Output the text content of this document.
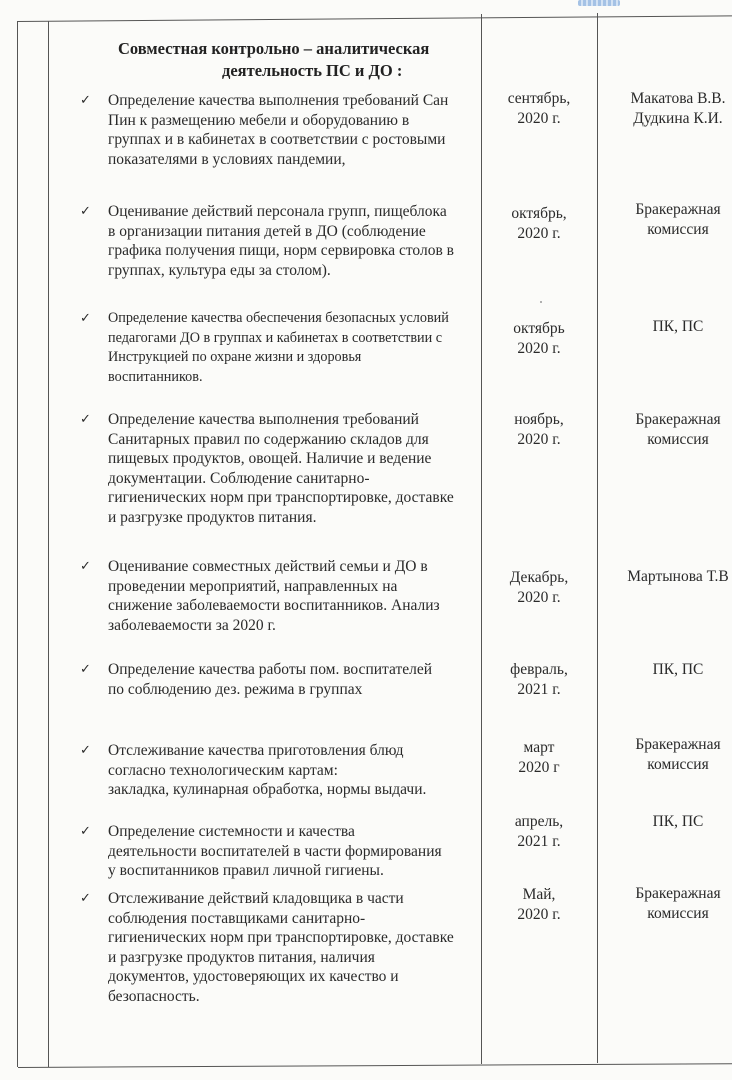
Совместная контрольно – аналитическая
деятельность ПС и ДО :
✓ Определение качества выполнения требований Сан
Пин к размещению мебели и оборудованию в
группах и в кабинетах в соответствии с ростовыми
показателями в условиях пандемии,
сентябрь,
2020 г.
Макатова В.В.
Дудкина К.И.
✓ Оценивание действий персонала групп, пищеблока
в организации питания детей в ДО (соблюдение
графика получения пищи, норм сервировка столов в
группах, культура еды за столом).
октябрь,
2020 г.
Бракеражная
комиссия
✓ Определение качества обеспечения безопасных условий
педагогами ДО в группах и кабинетах в соответствии с
Инструкцией по охране жизни и здоровья
воспитанников.
октябрь
2020 г.
ПК, ПС
✓ Определение качества выполнения требований
Санитарных правил по содержанию складов для
пищевых продуктов, овощей. Наличие и ведение
документации. Соблюдение санитарно-
гигиенических норм при транспортировке, доставке
и разгрузке продуктов питания.
ноябрь,
2020 г.
Бракеражная
комиссия
✓ Оценивание совместных действий семьи и ДО в
проведении мероприятий, направленных на
снижение заболеваемости воспитанников. Анализ
заболеваемости за 2020 г.
Декабрь,
2020 г.
Мартынова Т.В
✓ Определение качества работы пом. воспитателей
по соблюдению дез. режима в группах
февраль,
2021 г.
ПК, ПС
✓ Отслеживание качества приготовления блюд
согласно технологическим картам:
закладка, кулинарная обработка, нормы выдачи.
март
2020 г
Бракеражная
комиссия
✓ Определение системности и качества
деятельности воспитателей в части формирования
у воспитанников правил личной гигиены.
апрель,
2021 г.
ПК, ПС
✓ Отслеживание действий кладовщика в части
соблюдения поставщиками санитарно-
гигиенических норм при транспортировке, доставке
и разгрузке продуктов питания, наличия
документов, удостоверяющих их качество и
безопасность.
Май,
2020 г.
Бракеражная
комиссия
